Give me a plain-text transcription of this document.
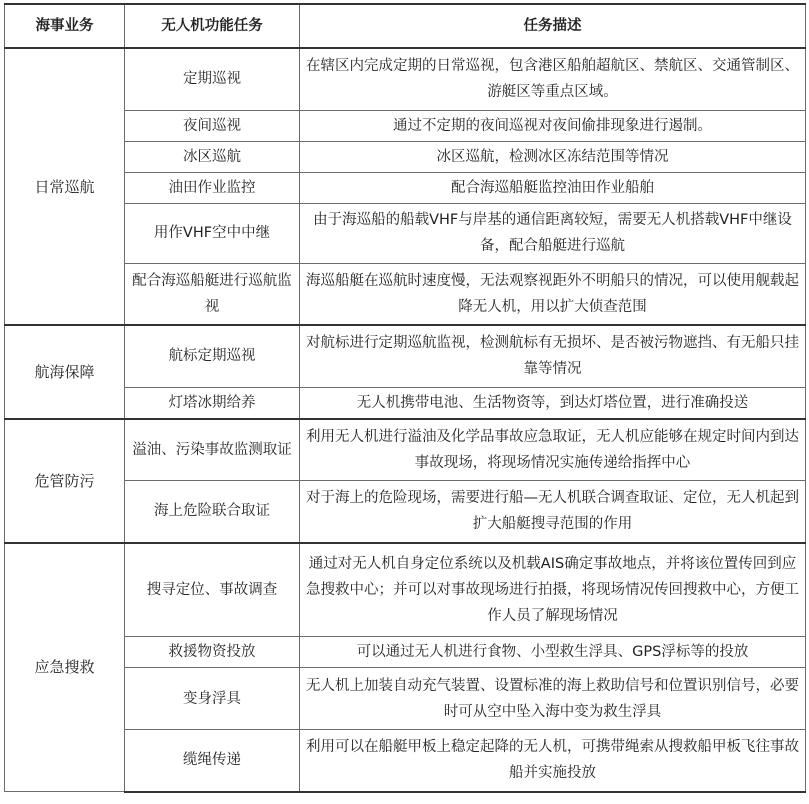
海事业务	无人机功能任务	任务描述
日常巡航	定期巡视	在辖区内完成定期的日常巡视，包含港区船舶超航区、禁航区、交通管制区、游艇区等重点区域。
	夜间巡视	通过不定期的夜间巡视对夜间偷排现象进行遏制。
	冰区巡航	冰区巡航，检测冰区冻结范围等情况
	油田作业监控	配合海巡船艇监控油田作业船舶
	用作VHF空中中继	由于海巡船的船载VHF与岸基的通信距离较短，需要无人机搭载VHF中继设备，配合船艇进行巡航
	配合海巡船艇进行巡航监视	海巡船艇在巡航时速度慢，无法观察视距外不明船只的情况，可以使用舰载起降无人机，用以扩大侦查范围
航海保障	航标定期巡视	对航标进行定期巡航监视，检测航标有无损坏、是否被污物遮挡、有无船只挂靠等情况
	灯塔冰期给养	无人机携带电池、生活物资等，到达灯塔位置，进行准确投送
危管防污	溢油、污染事故监测取证	利用无人机进行溢油及化学品事故应急取证，无人机应能够在规定时间内到达事故现场，将现场情况实施传递给指挥中心
	海上危险联合取证	对于海上的危险现场，需要进行船—无人机联合调查取证、定位，无人机起到扩大船艇搜寻范围的作用
应急搜救	搜寻定位、事故调查	通过对无人机自身定位系统以及机载AIS确定事故地点，并将该位置传回到应急搜救中心；并可以对事故现场进行拍摄，将现场情况传回搜救中心，方便工作人员了解现场情况
	救援物资投放	可以通过无人机进行食物、小型救生浮具、GPS浮标等的投放
	变身浮具	无人机上加装自动充气装置、设置标准的海上救助信号和位置识别信号，必要时可从空中坠入海中变为救生浮具
	缆绳传递	利用可以在船艇甲板上稳定起降的无人机，可携带绳索从搜救船甲板飞往事故船并实施投放
